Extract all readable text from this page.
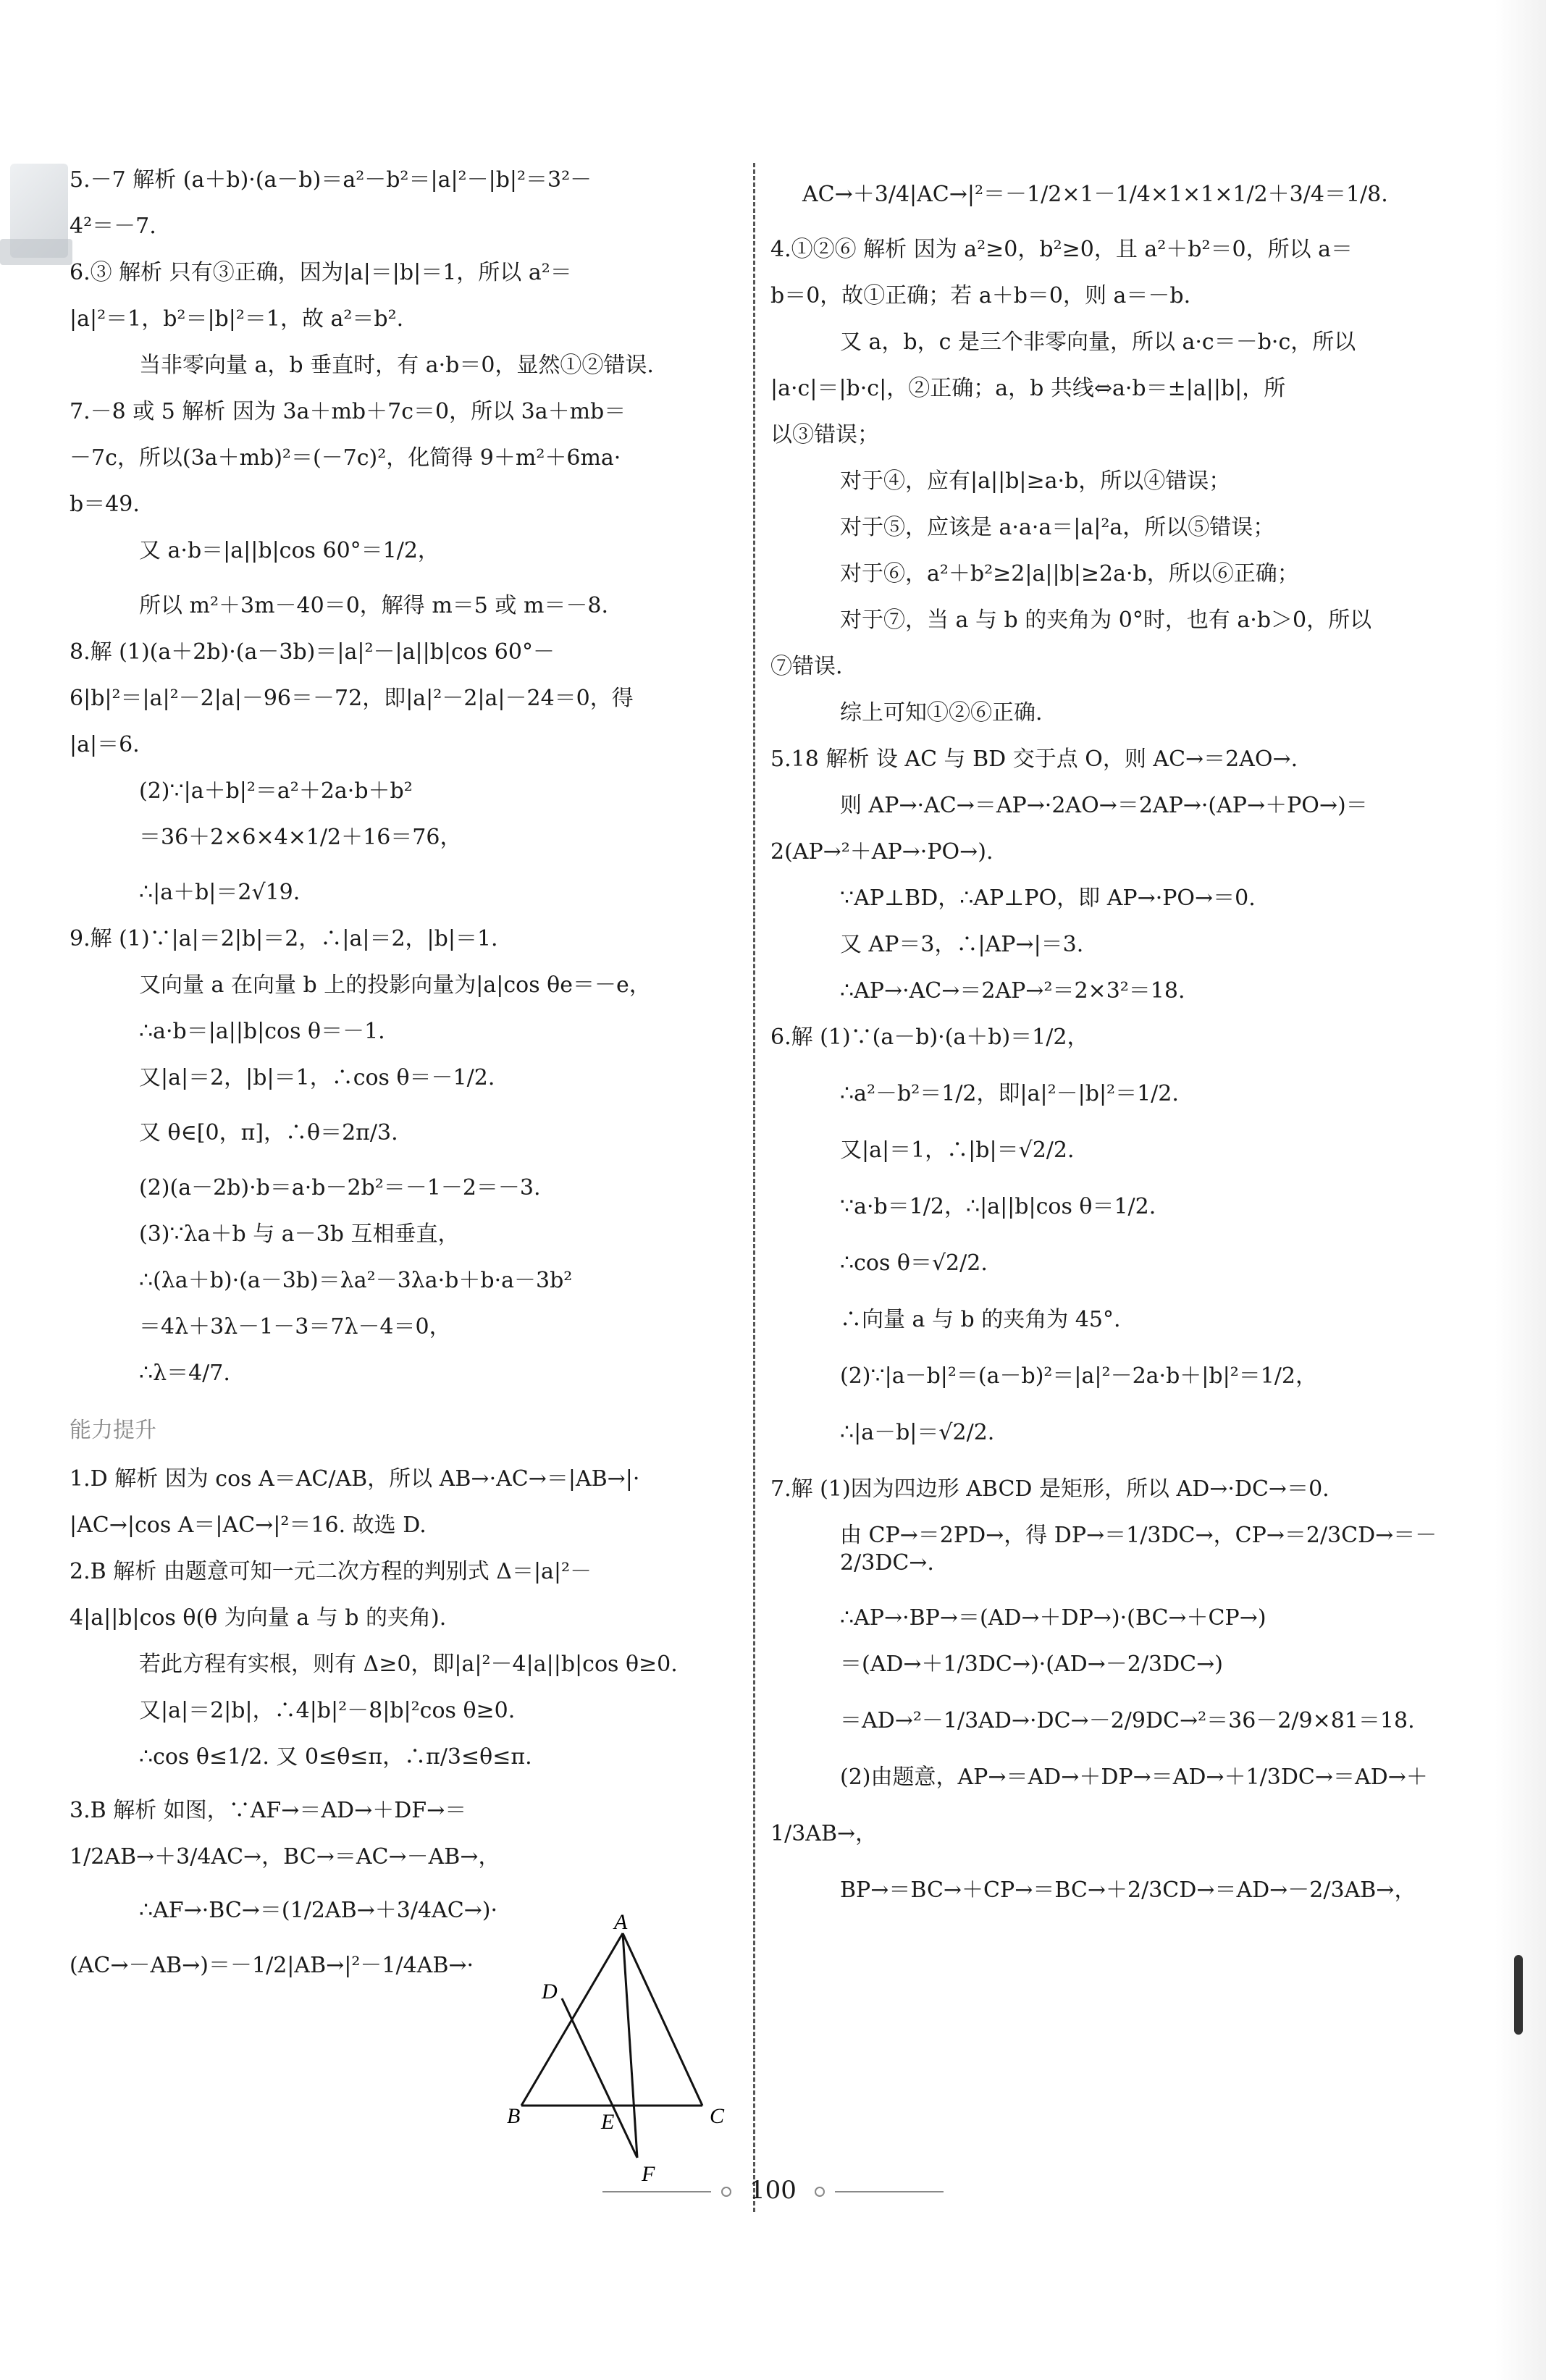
5.－7 解析 (a＋b)·(a－b)＝a²－b²＝|a|²－|b|²＝3²－
4²＝－7.
6.③ 解析 只有③正确，因为|a|＝|b|＝1，所以 a²＝
|a|²＝1，b²＝|b|²＝1，故 a²＝b².
当非零向量 a，b 垂直时，有 a·b＝0，显然①②错误.
7.－8 或 5 解析 因为 3a＋mb＋7c＝0，所以 3a＋mb＝
－7c，所以(3a＋mb)²＝(－7c)²，化简得 9＋m²＋6ma·
b＝49.
又 a·b＝|a||b|cos 60°＝1/2，
所以 m²＋3m－40＝0，解得 m＝5 或 m＝－8.
8.解 (1)(a＋2b)·(a－3b)＝|a|²－|a||b|cos 60°－
6|b|²＝|a|²－2|a|－96＝－72，即|a|²－2|a|－24＝0，得
|a|＝6.
(2)∵|a＋b|²＝a²＋2a·b＋b²
＝36＋2×6×4×1/2＋16＝76，
∴|a＋b|＝2√19.
9.解 (1)∵|a|＝2|b|＝2，∴|a|＝2，|b|＝1.
又向量 a 在向量 b 上的投影向量为|a|cos θe＝－e，
∴a·b＝|a||b|cos θ＝－1.
又|a|＝2，|b|＝1，∴cos θ＝－1/2.
又 θ∈[0，π]，∴θ＝2π/3.
(2)(a－2b)·b＝a·b－2b²＝－1－2＝－3.
(3)∵λa＋b 与 a－3b 互相垂直，
∴(λa＋b)·(a－3b)＝λa²－3λa·b＋b·a－3b²
＝4λ＋3λ－1－3＝7λ－4＝0，
∴λ＝4/7.
能力提升
1.D 解析 因为 cos A＝AC/AB，所以 AB→·AC→＝|AB→|·
|AC→|cos A＝|AC→|²＝16. 故选 D.
2.B 解析 由题意可知一元二次方程的判别式 Δ＝|a|²－
4|a||b|cos θ(θ 为向量 a 与 b 的夹角).
若此方程有实根，则有 Δ≥0，即|a|²－4|a||b|cos θ≥0.
又|a|＝2|b|，∴4|b|²－8|b|²cos θ≥0.
∴cos θ≤1/2. 又 0≤θ≤π，∴π/3≤θ≤π.
3.B 解析 如图，∵AF→＝AD→＋DF→＝
1/2AB→＋3/4AC→，BC→＝AC→－AB→，
∴AF→·BC→＝(1/2AB→＋3/4AC→)·
(AC→－AB→)＝－1/2|AB→|²－1/4AB→·
A
B	C
D
E
F
AC→＋3/4|AC→|²＝－1/2×1－1/4×1×1×1/2＋3/4＝1/8.
4.①②⑥ 解析 因为 a²≥0，b²≥0，且 a²＋b²＝0，所以 a＝
b＝0，故①正确；若 a＋b＝0，则 a＝－b.
又 a，b，c 是三个非零向量，所以 a·c＝－b·c，所以
|a·c|＝|b·c|，②正确；a，b 共线⇔a·b＝±|a||b|，所
以③错误；
对于④，应有|a||b|≥a·b，所以④错误；
对于⑤，应该是 a·a·a＝|a|²a，所以⑤错误；
对于⑥，a²＋b²≥2|a||b|≥2a·b，所以⑥正确；
对于⑦，当 a 与 b 的夹角为 0°时，也有 a·b＞0，所以
⑦错误.
综上可知①②⑥正确.
5.18 解析 设 AC 与 BD 交于点 O，则 AC→＝2AO→.
则 AP→·AC→＝AP→·2AO→＝2AP→·(AP→＋PO→)＝
2(AP→²＋AP→·PO→).
∵AP⊥BD，∴AP⊥PO，即 AP→·PO→＝0.
又 AP＝3，∴|AP→|＝3.
∴AP→·AC→＝2AP→²＝2×3²＝18.
6.解 (1)∵(a－b)·(a＋b)＝1/2，
∴a²－b²＝1/2，即|a|²－|b|²＝1/2.
又|a|＝1，∴|b|＝√2/2.
∵a·b＝1/2，∴|a||b|cos θ＝1/2.
∴cos θ＝√2/2.
∴向量 a 与 b 的夹角为 45°.
(2)∵|a－b|²＝(a－b)²＝|a|²－2a·b＋|b|²＝1/2，
∴|a－b|＝√2/2.
7.解 (1)因为四边形 ABCD 是矩形，所以 AD→·DC→＝0.
由 CP→＝2PD→，得 DP→＝1/3DC→，CP→＝2/3CD→＝－2/3DC→.
∴AP→·BP→＝(AD→＋DP→)·(BC→＋CP→)
＝(AD→＋1/3DC→)·(AD→－2/3DC→)
＝AD→²－1/3AD→·DC→－2/9DC→²＝36－2/9×81＝18.
(2)由题意，AP→＝AD→＋DP→＝AD→＋1/3DC→＝AD→＋
1/3AB→，
BP→＝BC→＋CP→＝BC→＋2/3CD→＝AD→－2/3AB→，
100
